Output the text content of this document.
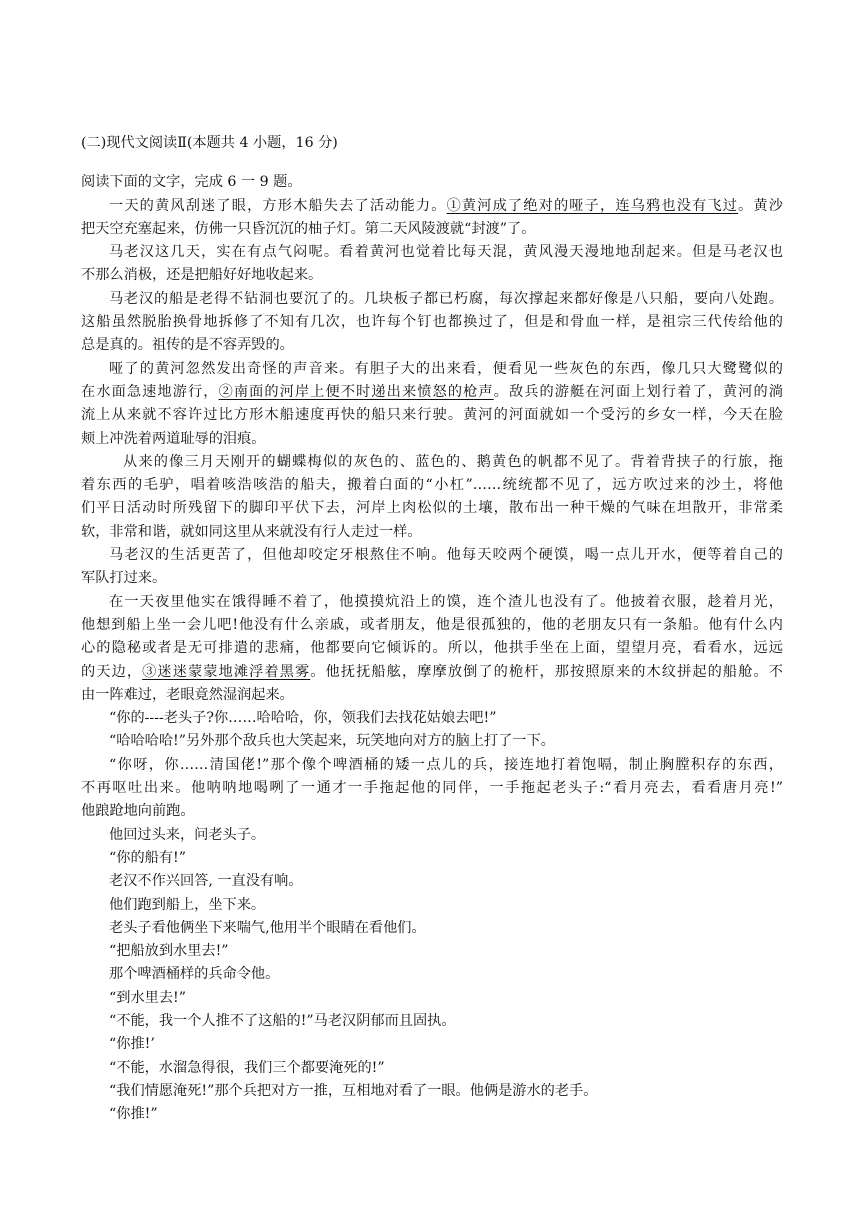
(二)现代文阅读Ⅱ(本题共 4 小题，16 分)
阅读下面的文字，完成 6 一 9 题。
一天的黄风刮迷了眼，方形木船失去了活动能力。①黄河成了绝对的哑子，连乌鸦也没有飞过。黄沙
把天空充塞起来，仿佛一只昏沉沉的柚子灯。第二天风陵渡就“封渡”了。
马老汉这几天，实在有点气闷呢。看着黄河也觉着比每天混，黄风漫天漫地地刮起来。但是马老汉也
不那么消极，还是把船好好地收起来。
马老汉的船是老得不钻洞也要沉了的。几块板子都已朽腐，每次撑起来都好像是八只船，要向八处跑。
这船虽然脱胎换骨地拆修了不知有几次，也许每个钉也都换过了，但是和骨血一样，是祖宗三代传给他的
总是真的。祖传的是不容弄毁的。
哑了的黄河忽然发出奇怪的声音来。有胆子大的出来看，便看见一些灰色的东西，像几只大鹭鹭似的
在水面急速地游行，②南面的河岸上便不时递出来愤怒的枪声。敌兵的游艇在河面上划行着了，黄河的淌
流上从来就不容许过比方形木船速度再快的船只来行驶。黄河的河面就如一个受污的乡女一样，今天在脸
颊上冲洗着两道耻辱的泪痕。
从来的像三月天刚开的蝴蝶梅似的灰色的、蓝色的、鹅黄色的帆都不见了。背着背挟子的行旅，拖
着东西的毛驴，唱着咳浩咳浩的船夫，搬着白面的“小杠”……统统都不见了，远方吹过来的沙土，将他
们平日活动时所残留下的脚印平伏下去，河岸上肉松似的土壤，散布出一种干燥的气味在坦散开，非常柔
软，非常和谐，就如同这里从来就没有行人走过一样。
马老汉的生活更苦了，但他却咬定牙根熬住不响。他每天咬两个硬馍，喝一点儿开水，便等着自己的
军队打过来。
在一天夜里他实在饿得睡不着了，他摸摸炕沿上的馍，连个渣儿也没有了。他披着衣服，趁着月光，
他想到船上坐一会儿吧!他没有什么亲戚，或者朋友，他是很孤独的，他的老朋友只有一条船。他有什么内
心的隐秘或者是无可排遣的悲痛，他都要向它倾诉的。所以，他拱手坐在上面，望望月亮，看看水，远远
的天边，③迷迷蒙蒙地滩浮着黑雾。他抚抚船舷，摩摩放倒了的桅杆，那按照原来的木纹拼起的船舱。不
由一阵难过，老眼竟然湿润起来。
“你的----老头子?你……哈哈哈，你，领我们去找花姑娘去吧!”
“哈哈哈哈!”另外那个敌兵也大笑起来，玩笑地向对方的脑上打了一下。
“你呀，你……清国佬!”那个像个啤酒桶的矮一点儿的兵，接连地打着饱嗝，制止胸膛积存的东西，
不再呕吐出来。他呐呐地喝咧了一通才一手拖起他的同伴，一手拖起老头子:“看月亮去，看看唐月亮!”
他踉跄地向前跑。
他回过头来，问老头子。
“你的船有!”
老汉不作兴回答, 一直没有响。
他们跑到船上，坐下来。
老头子看他俩坐下来喘气,他用半个眼睛在看他们。
“把船放到水里去!”
那个啤酒桶样的兵命令他。
“到水里去!”
“不能，我一个人推不了这船的!”马老汉阴郁而且固执。
“你推!’
“不能，水溜急得很，我们三个都要淹死的!”
“我们情愿淹死!”那个兵把对方一推，互相地对看了一眼。他俩是游水的老手。
“你推!”
